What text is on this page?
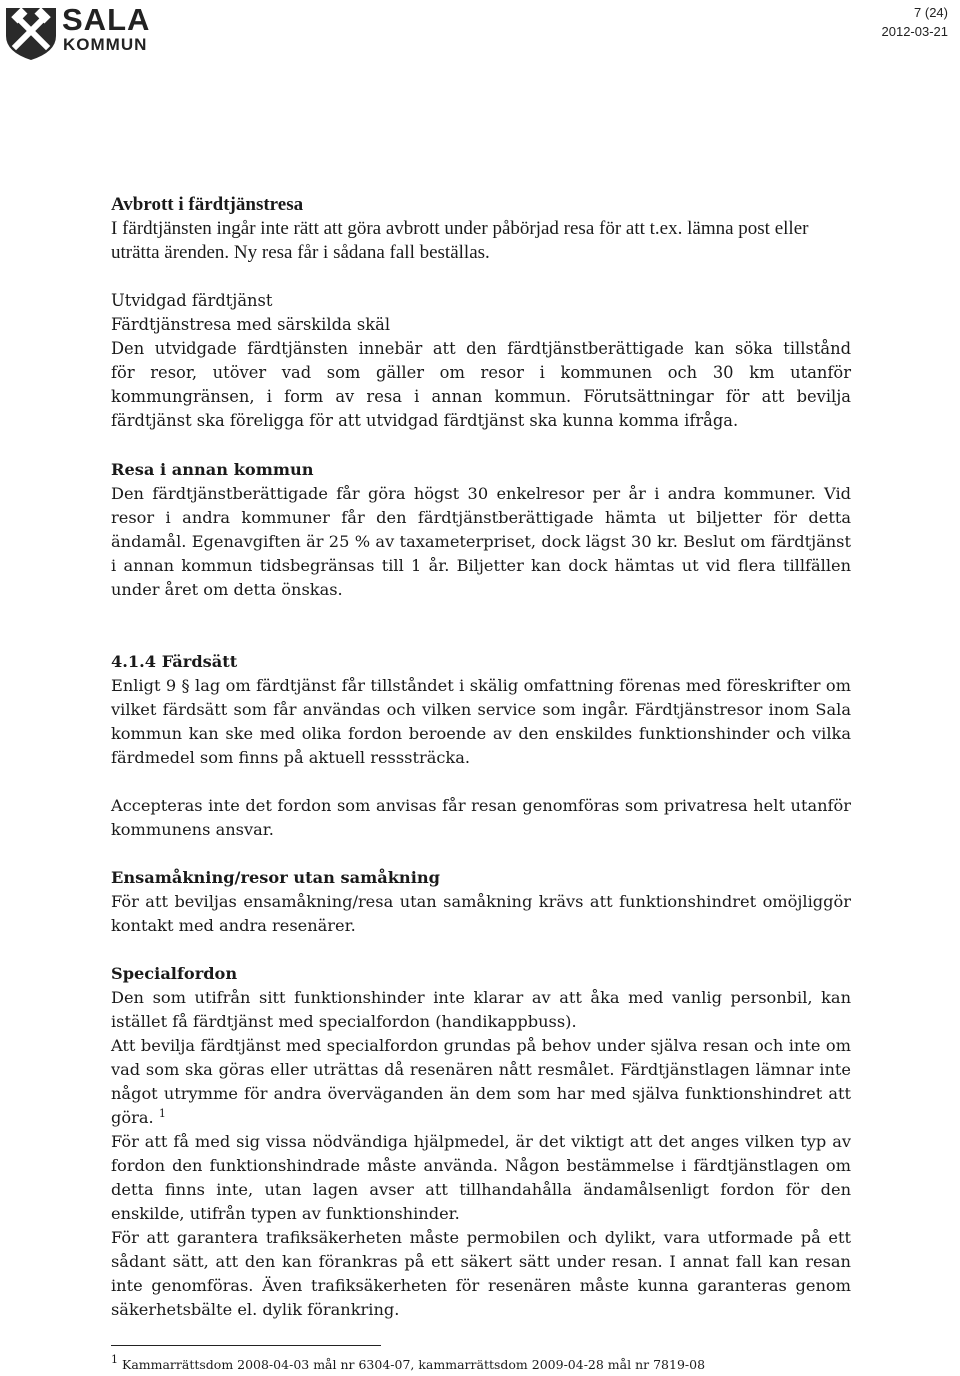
SALA
KOMMUN
7 (24)
2012-03-21
Avbrott i färdtjänstresa
I färdtjänsten ingår inte rätt att göra avbrott under påbörjad resa för att t.ex. lämna post eller uträtta ärenden. Ny resa får i sådana fall beställas.
Utvidgad färdtjänst
Färdtjänstresa med särskilda skäl
Den utvidgade färdtjänsten innebär att den färdtjänstberättigade kan söka tillstånd
för resor, utöver vad som gäller om resor i kommunen och 30 km utanför
kommungränsen, i form av resa i annan kommun. Förutsättningar för att bevilja
färdtjänst ska föreligga för att utvidgad färdtjänst ska kunna komma ifråga.
Resa i annan kommun
Den färdtjänstberättigade får göra högst 30 enkelresor per år i andra kommuner. Vid resor i andra kommuner får den färdtjänstberättigade hämta ut biljetter för detta ändamål. Egenavgiften är 25 % av taxameterpriset, dock lägst 30 kr. Beslut om färdtjänst i annan kommun tidsbegränsas till 1 år. Biljetter kan dock hämtas ut vid flera tillfällen under året om detta önskas.
4.1.4 Färdsätt
Enligt 9 § lag om färdtjänst får tillståndet i skälig omfattning förenas med föreskrifter om vilket färdsätt som får användas och vilken service som ingår. Färdtjänstresor inom Sala kommun kan ske med olika fordon beroende av den enskildes funktionshinder och vilka färdmedel som finns på aktuell resssträcka.
Accepteras inte det fordon som anvisas får resan genomföras som privatresa helt utanför kommunens ansvar.
Ensamåkning/resor utan samåkning
För att beviljas ensamåkning/resa utan samåkning krävs att funktionshindret omöjliggör kontakt med andra resenärer.
Specialfordon
Den som utifrån sitt funktionshinder inte klarar av att åka med vanlig personbil, kan istället få färdtjänst med specialfordon (handikappbuss).
Att bevilja färdtjänst med specialfordon grundas på behov under själva resan och inte om vad som ska göras eller uträttas då resenären nått resmålet. Färdtjänstlagen lämnar inte något utrymme för andra överväganden än dem som har med själva funktionshindret att göra. $^1$
För att få med sig vissa nödvändiga hjälpmedel, är det viktigt att det anges vilken typ av fordon den funktionshindrade måste använda. Någon bestämmelse i färdtjänstlagen om detta finns inte, utan lagen avser att tillhandahålla ändamålsenligt fordon för den enskilde, utifrån typen av funktionshinder.
För att garantera trafiksäkerheten måste permobilen och dylikt, vara utformade på ett sådant sätt, att den kan förankras på ett säkert sätt under resan. I annat fall kan resan inte genomföras. Även trafiksäkerheten för resenären måste kunna garanteras genom säkerhetsbälte el. dylik förankring.
$^1$ Kammarrättsdom 2008-04-03 mål nr 6304-07, kammarrättsdom 2009-04-28 mål nr 7819-08
